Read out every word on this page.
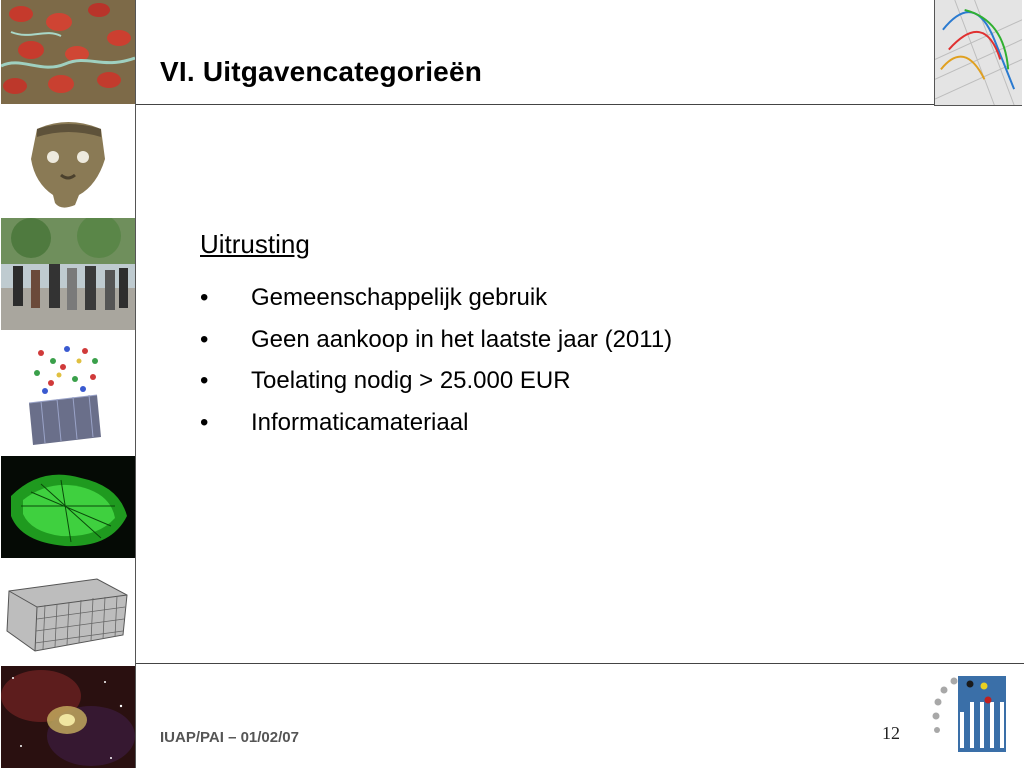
VI. Uitgavencategorieën
Uitrusting
• Gemeenschappelijk gebruik
• Geen aankoop in het laatste jaar (2011)
• Toelating nodig > 25.000 EUR
• Informaticamateriaal
IUAP/PAI – 01/02/07	12
